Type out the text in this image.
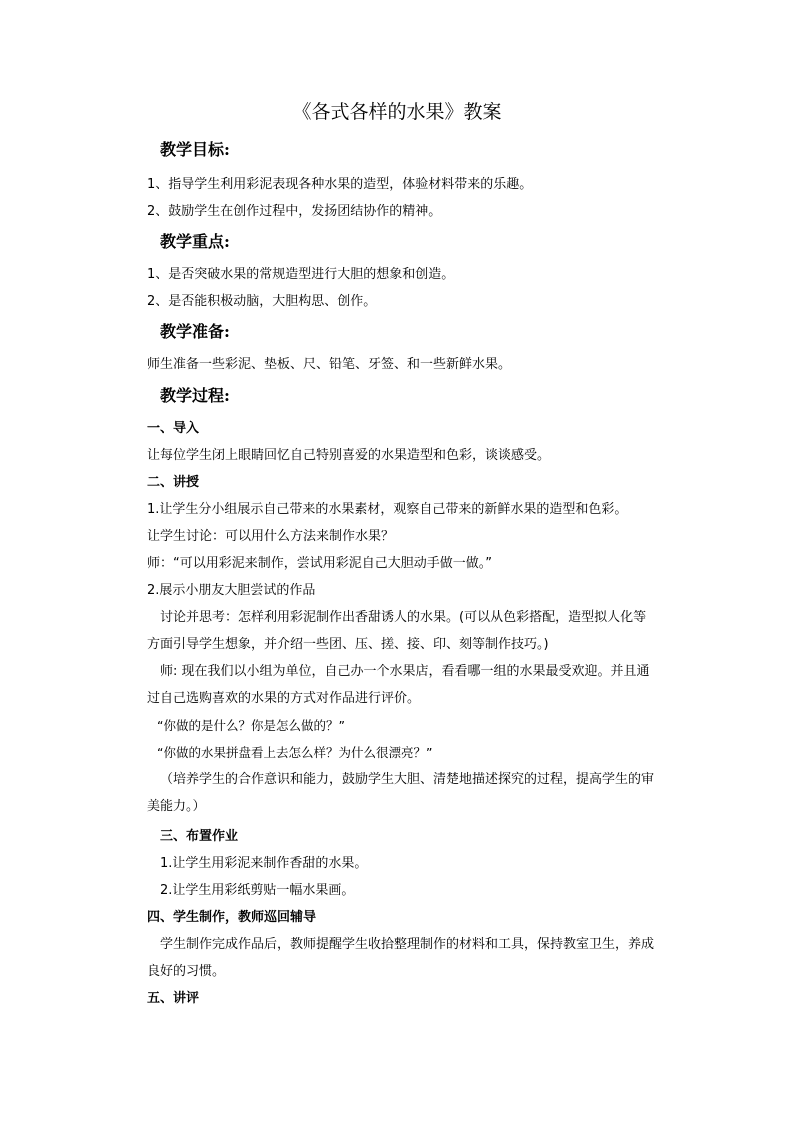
《各式各样的水果》教案
教学目标:
1、指导学生利用彩泥表现各种水果的造型，体验材料带来的乐趣。
2、鼓励学生在创作过程中，发扬团结协作的精神。
教学重点:
1、是否突破水果的常规造型进行大胆的想象和创造。
2、是否能积极动脑，大胆构思、创作。
教学准备:
师生准备一些彩泥、垫板、尺、铅笔、牙签、和一些新鲜水果。
教学过程:
一、导入
让每位学生闭上眼睛回忆自己特别喜爱的水果造型和色彩，谈谈感受。
二、讲授
1.让学生分小组展示自己带来的水果素材，观察自己带来的新鲜水果的造型和色彩。
让学生讨论：可以用什么方法来制作水果？
师：“可以用彩泥来制作，尝试用彩泥自己大胆动手做一做。”
2.展示小朋友大胆尝试的作品
讨论并思考：怎样利用彩泥制作出香甜诱人的水果。(可以从色彩搭配，造型拟人化等
方面引导学生想象，并介绍一些团、压、搓、接、印、刻等制作技巧。)
师: 现在我们以小组为单位，自己办一个水果店，看看哪一组的水果最受欢迎。并且通
过自己选购喜欢的水果的方式对作品进行评价。
“你做的是什么？你是怎么做的？”
“你做的水果拼盘看上去怎么样？为什么很漂亮？”
（培养学生的合作意识和能力，鼓励学生大胆、清楚地描述探究的过程，提高学生的审
美能力。）
三、布置作业
1.让学生用彩泥来制作香甜的水果。
2.让学生用彩纸剪贴一幅水果画。
四、学生制作，教师巡回辅导
学生制作完成作品后，教师提醒学生收拾整理制作的材料和工具，保持教室卫生，养成
良好的习惯。
五、讲评
